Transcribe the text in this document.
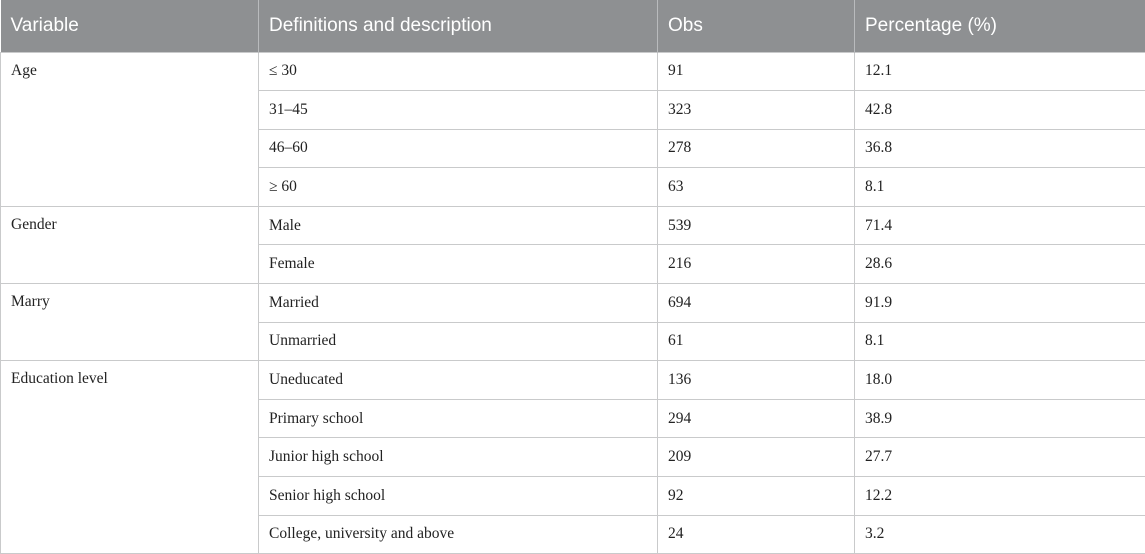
Variable	Definitions and description	Obs	Percentage (%)
Age	≤ 30	91	12.1
	31–45	323	42.8
	46–60	278	36.8
	≥ 60	63	8.1
Gender	Male	539	71.4
	Female	216	28.6
Marry	Married	694	91.9
	Unmarried	61	8.1
Education level	Uneducated	136	18.0
	Primary school	294	38.9
	Junior high school	209	27.7
	Senior high school	92	12.2
	College, university and above	24	3.2
